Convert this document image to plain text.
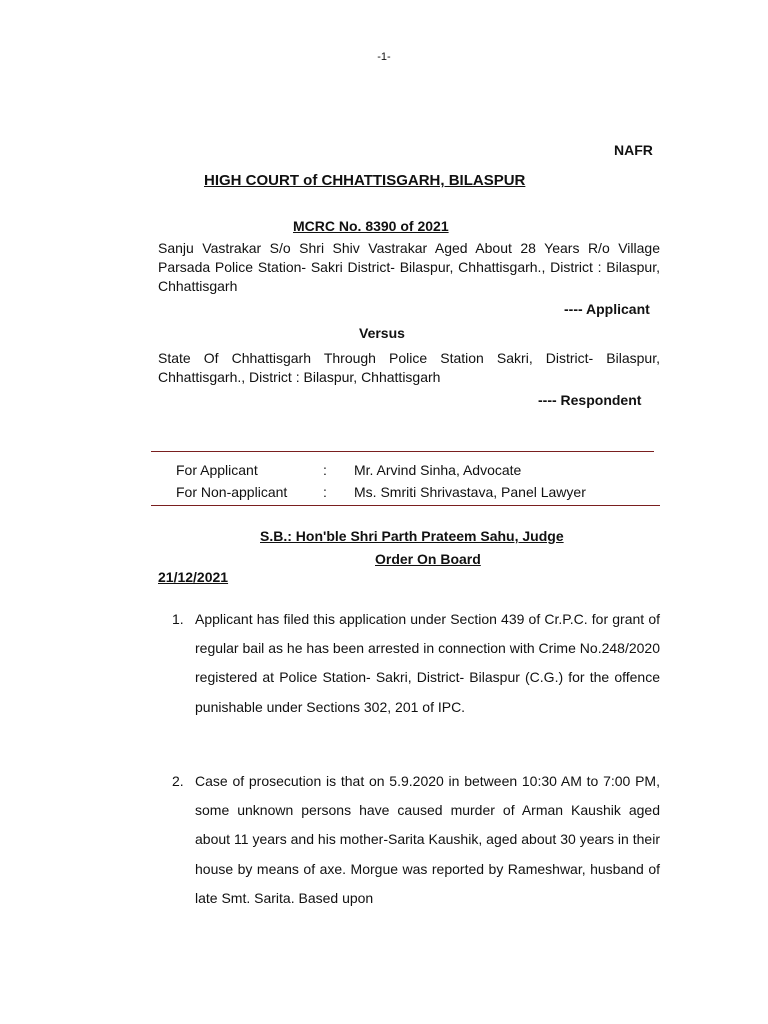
-1-
NAFR
HIGH COURT of CHHATTISGARH, BILASPUR
MCRC No. 8390 of 2021
Sanju Vastrakar S/o Shri Shiv Vastrakar Aged About 28 Years R/o Village Parsada Police Station- Sakri District- Bilaspur, Chhattisgarh., District : Bilaspur, Chhattisgarh
---- Applicant
Versus
State Of Chhattisgarh Through Police Station Sakri, District- Bilaspur, Chhattisgarh., District : Bilaspur, Chhattisgarh
---- Respondent
For Applicant	: Mr. Arvind Sinha, Advocate
For Non-applicant	: Ms. Smriti Shrivastava, Panel Lawyer
S.B.: Hon'ble Shri Parth Prateem Sahu, Judge
Order On Board
21/12/2021
1. Applicant has filed this application under Section 439 of Cr.P.C. for grant of regular bail as he has been arrested in connection with Crime No.248/2020 registered at Police Station- Sakri, District- Bilaspur (C.G.) for the offence punishable under Sections 302, 201 of IPC.
2. Case of prosecution is that on 5.9.2020 in between 10:30 AM to 7:00 PM, some unknown persons have caused murder of Arman Kaushik aged about 11 years and his mother-Sarita Kaushik, aged about 30 years in their house by means of axe. Morgue was reported by Rameshwar, husband of late Smt. Sarita. Based upon
